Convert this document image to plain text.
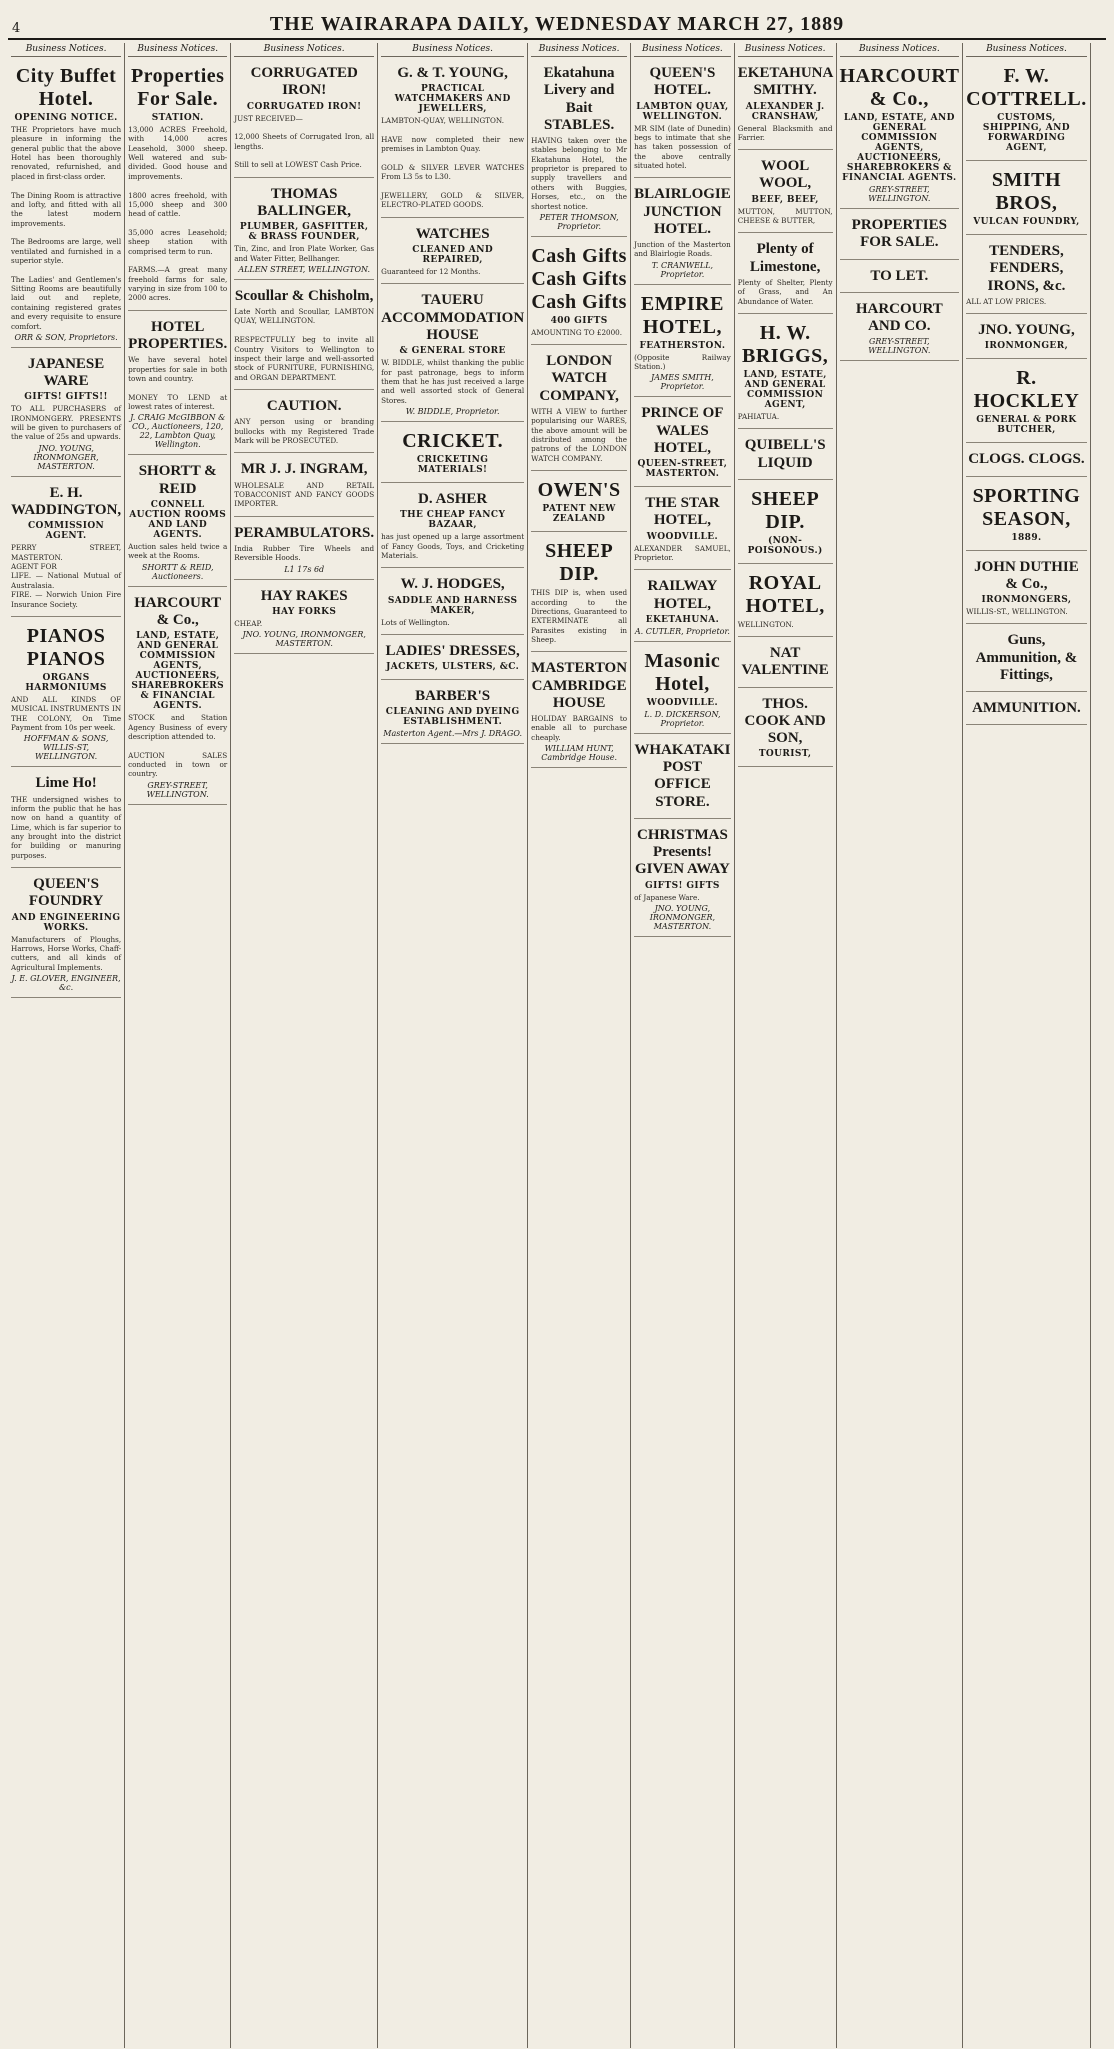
4	THE WAIRARAPA DAILY, WEDNESDAY MARCH 27, 1889
Business Notices.
City Buffet Hotel.
OPENING NOTICE.
THE Proprietors have much pleasure in informing the general public that the above Hotel has been thoroughly renovated, refurnished, and placed in first-class order.

The Dining Room is attractive and lofty, and fitted with all the latest modern improvements.

The Bedrooms are large, well ventilated and furnished in a superior style.

The Ladies' and Gentlemen's Sitting Rooms are beautifully laid out and replete, containing registered grates and every requisite to ensure comfort.
ORR & SON, Proprietors.
JAPANESE WARE
GIFTS! GIFTS!!
TO ALL PURCHASERS of IRONMONGERY. PRESENTS will be given to purchasers of the value of 25s and upwards.
JNO. YOUNG, IRONMONGER, MASTERTON.
E. H. WADDINGTON,
COMMISSION AGENT.
PERRY STREET, MASTERTON.
AGENT FOR
LIFE. — National Mutual of Australasia.
FIRE. — Norwich Union Fire Insurance Society.
PIANOS PIANOS
ORGANS HARMONIUMS
AND ALL KINDS OF MUSICAL INSTRUMENTS IN THE COLONY, On Time Payment from 10s per week.
HOFFMAN & SONS, WILLIS-ST, WELLINGTON.
Lime Ho!
THE undersigned wishes to inform the public that he has now on hand a quantity of Lime, which is far superior to any brought into the district for building or manuring purposes.
QUEEN'S FOUNDRY
AND ENGINEERING WORKS.
Manufacturers of Ploughs, Harrows, Horse Works, Chaff-cutters, and all kinds of Agricultural Implements.
J. E. GLOVER, ENGINEER, &c.
Business Notices.
Properties For Sale.
STATION.
13,000 ACRES Freehold, with 14,000 acres Leasehold, 3000 sheep. Well watered and sub-divided. Good house and improvements.

1800 acres freehold, with 15,000 sheep and 300 head of cattle.

35,000 acres Leasehold; sheep station with comprised term to run.

FARMS.—A great many freehold farms for sale, varying in size from 100 to 2000 acres.
HOTEL PROPERTIES.
We have several hotel properties for sale in both town and country.

MONEY TO LEND at lowest rates of interest.
J. CRAIG McGIBBON & CO., Auctioneers, 120, 22, Lambton Quay, Wellington.
SHORTT & REID
CONNELL AUCTION ROOMS AND LAND AGENTS.
Auction sales held twice a week at the Rooms.
SHORTT & REID, Auctioneers.
HARCOURT & Co.,
LAND, ESTATE, AND GENERAL COMMISSION AGENTS, AUCTIONEERS, SHAREBROKERS & FINANCIAL AGENTS.
STOCK and Station Agency Business of every description attended to.

AUCTION SALES conducted in town or country.
GREY-STREET, WELLINGTON.
Business Notices.
CORRUGATED IRON!
CORRUGATED IRON!
JUST RECEIVED—

12,000 Sheets of Corrugated Iron, all lengths.

Still to sell at LOWEST Cash Price.
THOMAS BALLINGER,
PLUMBER, GASFITTER, & BRASS FOUNDER,
Tin, Zinc, and Iron Plate Worker, Gas and Water Fitter, Bellhanger.
ALLEN STREET, WELLINGTON.
Scoullar & Chisholm,
Late North and Scoullar, LAMBTON QUAY, WELLINGTON.

RESPECTFULLY beg to invite all Country Visitors to Wellington to inspect their large and well-assorted stock of FURNITURE, FURNISHING, and ORGAN DEPARTMENT.
CAUTION.
ANY person using or branding bullocks with my Registered Trade Mark will be PROSECUTED.
MR J. J. INGRAM,
WHOLESALE AND RETAIL TOBACCONIST AND FANCY GOODS IMPORTER.
PERAMBULATORS.
India Rubber Tire Wheels and Reversible Hoods.
L1 17s 6d
HAY RAKES
HAY FORKS
CHEAP.
JNO. YOUNG, IRONMONGER, MASTERTON.
Business Notices.
G. & T. YOUNG,
PRACTICAL WATCHMAKERS AND JEWELLERS,
LAMBTON-QUAY, WELLINGTON.

HAVE now completed their new premises in Lambton Quay.

GOLD & SILVER LEVER WATCHES From L3 5s to L30.

JEWELLERY, GOLD & SILVER, ELECTRO-PLATED GOODS.
WATCHES
CLEANED AND REPAIRED,
Guaranteed for 12 Months.
TAUERU ACCOMMODATION HOUSE
& GENERAL STORE
W. BIDDLE, whilst thanking the public for past patronage, begs to inform them that he has just received a large and well assorted stock of General Stores.
W. BIDDLE, Proprietor.
CRICKET.
CRICKETING MATERIALS!
D. ASHER
THE CHEAP FANCY BAZAAR,
has just opened up a large assortment of Fancy Goods, Toys, and Cricketing Materials.
W. J. HODGES,
SADDLE AND HARNESS MAKER,
Lots of Wellington.
LADIES' DRESSES,
JACKETS, ULSTERS, &C.
BARBER'S
CLEANING AND DYEING ESTABLISHMENT.
Masterton Agent.—Mrs J. DRAGO.
Business Notices.
Ekatahuna Livery and Bait STABLES.
HAVING taken over the stables belonging to Mr Ekatahuna Hotel, the proprietor is prepared to supply travellers and others with Buggies, Horses, etc., on the shortest notice.
PETER THOMSON, Proprietor.
Cash Gifts Cash Gifts Cash Gifts
400 GIFTS
AMOUNTING TO £2000.
LONDON WATCH COMPANY,
WITH A VIEW to further popularising our WARES, the above amount will be distributed among the patrons of the LONDON WATCH COMPANY.
OWEN'S
PATENT NEW ZEALAND
SHEEP DIP.
THIS DIP is, when used according to the Directions, Guaranteed to EXTERMINATE all Parasites existing in Sheep.
MASTERTON CAMBRIDGE HOUSE
HOLIDAY BARGAINS to enable all to purchase cheaply.
WILLIAM HUNT, Cambridge House.
Business Notices.
QUEEN'S HOTEL.
LAMBTON QUAY, WELLINGTON.
MR SIM (late of Dunedin) begs to intimate that she has taken possession of the above centrally situated hotel.
BLAIRLOGIE JUNCTION HOTEL.
Junction of the Masterton and Blairlogie Roads.
T. CRANWELL, Proprietor.
EMPIRE HOTEL,
FEATHERSTON.
(Opposite Railway Station.)
JAMES SMITH, Proprietor.
PRINCE OF WALES HOTEL,
QUEEN-STREET, MASTERTON.
THE STAR HOTEL,
WOODVILLE.
ALEXANDER SAMUEL, Proprietor.
RAILWAY HOTEL,
EKETAHUNA.
A. CUTLER, Proprietor.
Masonic Hotel,
WOODVILLE.
L. D. DICKERSON, Proprietor.
WHAKATAKI POST OFFICE STORE.
CHRISTMAS Presents! GIVEN AWAY
GIFTS! GIFTS
of Japanese Ware.
JNO. YOUNG, IRONMONGER, MASTERTON.
Business Notices.
EKETAHUNA SMITHY.
ALEXANDER J. CRANSHAW,
General Blacksmith and Farrier.
WOOL WOOL,
BEEF, BEEF,
MUTTON, MUTTON, CHEESE & BUTTER,
Plenty of Limestone,
Plenty of Shelter, Plenty of Grass, and An Abundance of Water.
H. W. BRIGGS,
LAND, ESTATE, AND GENERAL COMMISSION AGENT,
PAHIATUA.
QUIBELL'S LIQUID
SHEEP DIP.
(NON-POISONOUS.)
ROYAL HOTEL,
WELLINGTON.
NAT VALENTINE
THOS. COOK AND SON,
TOURIST,
Business Notices.
HARCOURT & Co.,
LAND, ESTATE, AND GENERAL COMMISSION AGENTS, AUCTIONEERS, SHAREBROKERS & FINANCIAL AGENTS.
GREY-STREET, WELLINGTON.
PROPERTIES FOR SALE.
TO LET.
HARCOURT AND CO.
GREY-STREET, WELLINGTON.
Business Notices.
F. W. COTTRELL.
CUSTOMS, SHIPPING, AND FORWARDING AGENT,
SMITH BROS,
VULCAN FOUNDRY,
TENDERS, FENDERS, IRONS, &c.
ALL AT LOW PRICES.
JNO. YOUNG,
IRONMONGER,
R. HOCKLEY
GENERAL & PORK BUTCHER,
CLOGS. CLOGS.
SPORTING SEASON,
1889.
JOHN DUTHIE & Co.,
IRONMONGERS,
WILLIS-ST., WELLINGTON.
Guns, Ammunition, & Fittings,
AMMUNITION.
